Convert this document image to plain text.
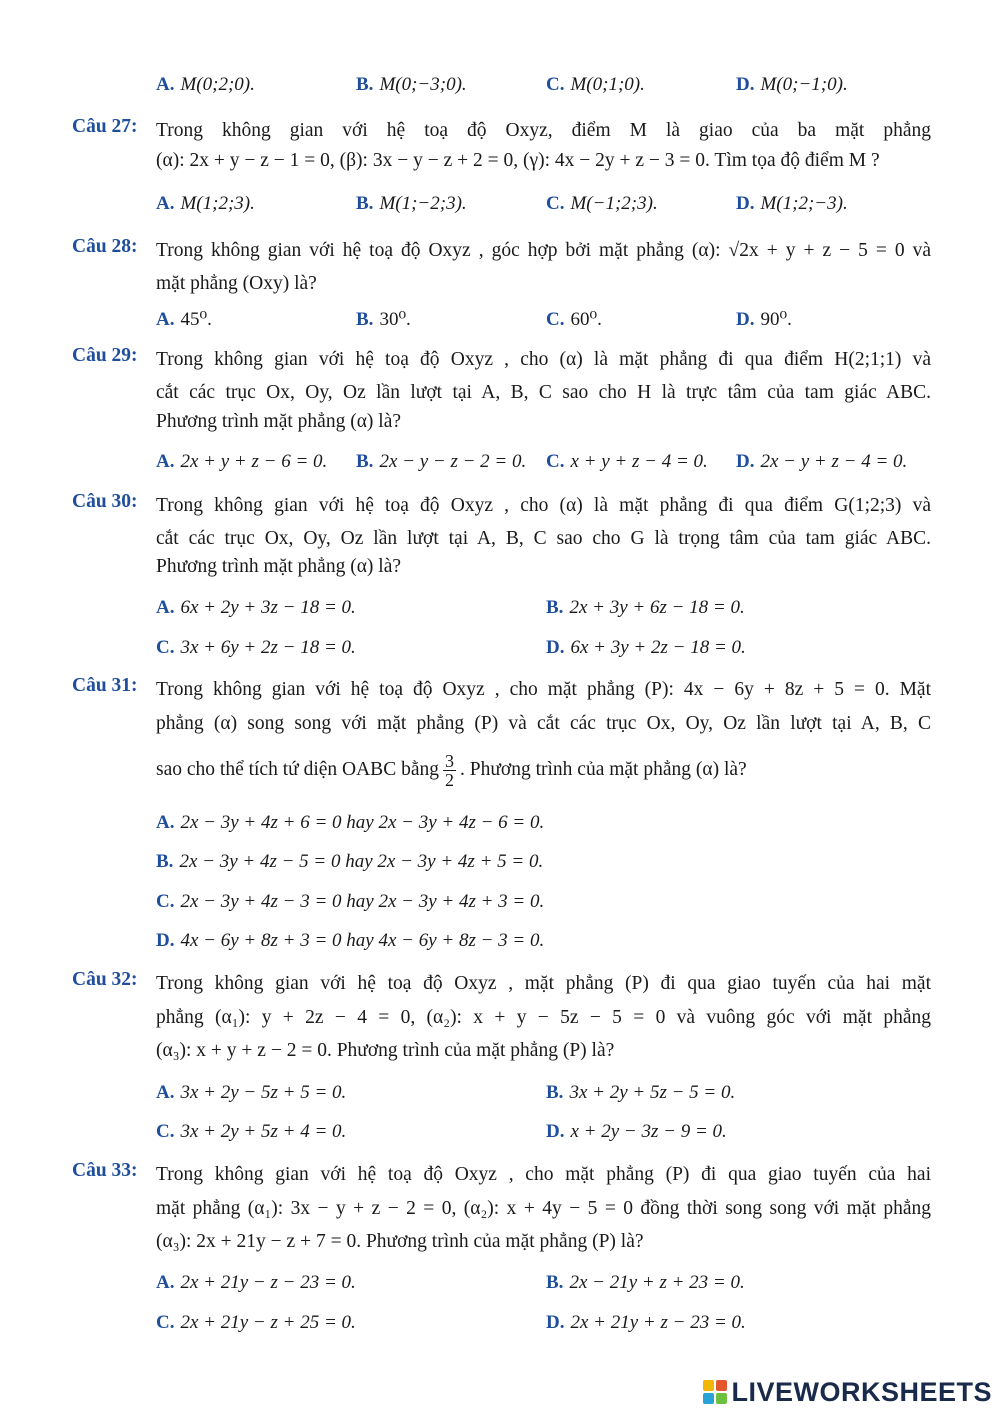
A. M(0;2;0).	B. M(0;−3;0).	C. M(0;1;0).	D. M(0;−1;0).
Câu 27: Trong không gian với hệ toạ độ Oxyz, điểm M là giao của ba mặt phẳng
(α): 2x + y − z − 1 = 0, (β): 3x − y − z + 2 = 0, (γ): 4x − 2y + z − 3 = 0. Tìm tọa độ điểm M ?
A. M(1;2;3).	B. M(1;−2;3).	C. M(−1;2;3).	D. M(1;2;−3).
Câu 28: Trong không gian với hệ toạ độ Oxyz , góc hợp bởi mặt phẳng (α): √2x + y + z − 5 = 0 và
mặt phẳng (Oxy) là?
A. 45⁰.	B. 30⁰.	C. 60⁰.	D. 90⁰.
Câu 29: Trong không gian với hệ toạ độ Oxyz , cho (α) là mặt phẳng đi qua điểm H(2;1;1) và
cắt các trục Ox, Oy, Oz lần lượt tại A, B, C sao cho H là trực tâm của tam giác ABC.
Phương trình mặt phẳng (α) là?
A. 2x + y + z − 6 = 0. B. 2x − y − z − 2 = 0. C. x + y + z − 4 = 0. D. 2x − y + z − 4 = 0.
Câu 30: Trong không gian với hệ toạ độ Oxyz , cho (α) là mặt phẳng đi qua điểm G(1;2;3) và
cắt các trục Ox, Oy, Oz lần lượt tại A, B, C sao cho G là trọng tâm của tam giác ABC.
Phương trình mặt phẳng (α) là?
A. 6x + 2y + 3z − 18 = 0.	B. 2x + 3y + 6z − 18 = 0.
C. 3x + 6y + 2z − 18 = 0.	D. 6x + 3y + 2z − 18 = 0.
Câu 31: Trong không gian với hệ toạ độ Oxyz , cho mặt phẳng (P): 4x − 6y + 8z + 5 = 0. Mặt
phẳng (α) song song với mặt phẳng (P) và cắt các trục Ox, Oy, Oz lần lượt tại A, B, C
sao cho thể tích tứ diện OABC bằng $\frac{3}{2}$ . Phương trình của mặt phẳng (α) là?
A. 2x − 3y + 4z + 6 = 0 hay 2x − 3y + 4z − 6 = 0.
B. 2x − 3y + 4z − 5 = 0 hay 2x − 3y + 4z + 5 = 0.
C. 2x − 3y + 4z − 3 = 0 hay 2x − 3y + 4z + 3 = 0.
D. 4x − 6y + 8z + 3 = 0 hay 4x − 6y + 8z − 3 = 0.
Câu 32: Trong không gian với hệ toạ độ Oxyz , mặt phẳng (P) đi qua giao tuyến của hai mặt
phẳng (α₁): y + 2z − 4 = 0, (α₂): x + y − 5z − 5 = 0 và vuông góc với mặt phẳng
(α₃): x + y + z − 2 = 0. Phương trình của mặt phẳng (P) là?
A. 3x + 2y − 5z + 5 = 0.	B. 3x + 2y + 5z − 5 = 0.
C. 3x + 2y + 5z + 4 = 0.	D. x + 2y − 3z − 9 = 0.
Câu 33: Trong không gian với hệ toạ độ Oxyz , cho mặt phẳng (P) đi qua giao tuyến của hai
mặt phẳng (α₁): 3x − y + z − 2 = 0, (α₂): x + 4y − 5 = 0 đồng thời song song với mặt phẳng
(α₃): 2x + 21y − z + 7 = 0. Phương trình của mặt phẳng (P) là?
A. 2x + 21y − z − 23 = 0.	B. 2x − 21y + z + 23 = 0.
C. 2x + 21y − z + 25 = 0.	D. 2x + 21y + z − 23 = 0.
LIVEWORKSHEETS
